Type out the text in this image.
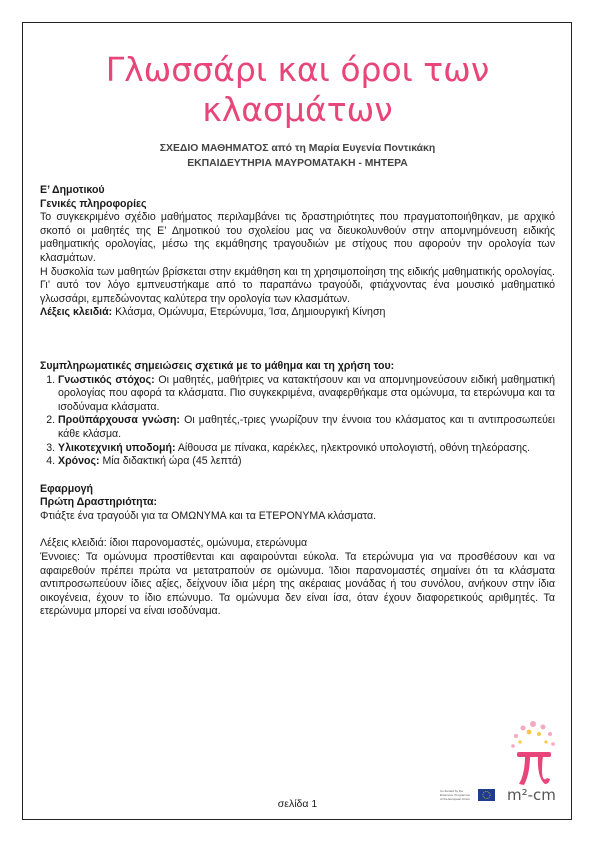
Γλωσσάρι και όροι των κλασμάτων
ΣΧΕΔΙΟ ΜΑΘΗΜΑΤΟΣ από τη Μαρία Ευγενία Ποντικάκη
ΕΚΠΑΙΔΕΥΤΗΡΙΑ ΜΑΥΡΟΜΑΤΑΚΗ - ΜΗΤΕΡΑ

Ε’ Δημοτικού

Γενικές πληροφορίες

Το συγκεκριμένο σχέδιο μαθήματος περιλαμβάνει τις δραστηριότητες που πραγματοποιήθηκαν, με αρχικό σκοπό οι μαθητές της Ε’ Δημοτικού του σχολείου μας να διευκολυνθούν στην απομνημόνευση ειδικής μαθηματικής ορολογίας, μέσω της εκμάθησης τραγουδιών με στίχους που αφορούν την ορολογία των κλασμάτων.

Η δυσκολία των μαθητών βρίσκεται στην εκμάθηση και τη χρησιμοποίηση της ειδικής μαθηματικής ορολογίας. Γι’ αυτό τον λόγο εμπνευστήκαμε από το παραπάνω τραγούδι, φτιάχνοντας ένα μουσικό μαθηματικό γλωσσάρι, εμπεδώνοντας καλύτερα την ορολογία των κλασμάτων.

Λέξεις κλειδιά: Κλάσμα, Ομώνυμα, Ετερώνυμα, Ίσα, Δημιουργική Κίνηση

Συμπληρωματικές σημειώσεις σχετικά με το μάθημα και τη χρήση του:

1. Γνωστικός στόχος: Οι μαθητές, μαθήτριες να κατακτήσουν και να απομνημονεύσουν ειδική μαθηματική ορολογίας που αφορά τα κλάσματα. Πιο συγκεκριμένα, αναφερθήκαμε στα ομώνυμα, τα ετερώνυμα και τα ισοδύναμα κλάσματα.
2. Προϋπάρχουσα γνώση: Οι μαθητές,-τριες γνωρίζουν την έννοια του κλάσματος και τι αντιπροσωπεύει κάθε κλάσμα.
3. Υλικοτεχνική υποδομή: Αίθουσα με πίνακα, καρέκλες, ηλεκτρονικό υπολογιστή, οθόνη τηλεόρασης.
4. Χρόνος: Μία διδακτική ώρα (45 λεπτά)

Εφαρμογή

Πρώτη Δραστηριότητα:

Φτιάξτε ένα τραγούδι για τα ΟΜΩΝΥΜΑ και τα ΕΤΕΡΟΝΥΜΑ κλάσματα.

Λέξεις κλειδιά: ίδιοι παρονομαστές, ομώνυμα, ετερώνυμα

Έννοιες: Τα ομώνυμα προστίθενται και αφαιρούνται εύκολα. Τα ετερώνυμα για να προσθέσουν και να αφαιρεθούν πρέπει πρώτα να μετατραπούν σε ομώνυμα. Ίδιοι παρανομαστές σημαίνει ότι τα κλάσματα αντιπροσωπεύουν ίδιες αξίες, δείχνουν ίδια μέρη της ακέραιας μονάδας ή του συνόλου, ανήκουν στην ίδια οικογένεια, έχουν το ίδιο επώνυμο. Τα ομώνυμα δεν είναι ίσα, όταν έχουν διαφορετικούς αριθμητές. Τα ετερώνυμα μπορεί να είναι ισοδύναμα.

Co-funded by the
Erasmus+ Programme
of the European Union m²-cm
σελίδα 1
